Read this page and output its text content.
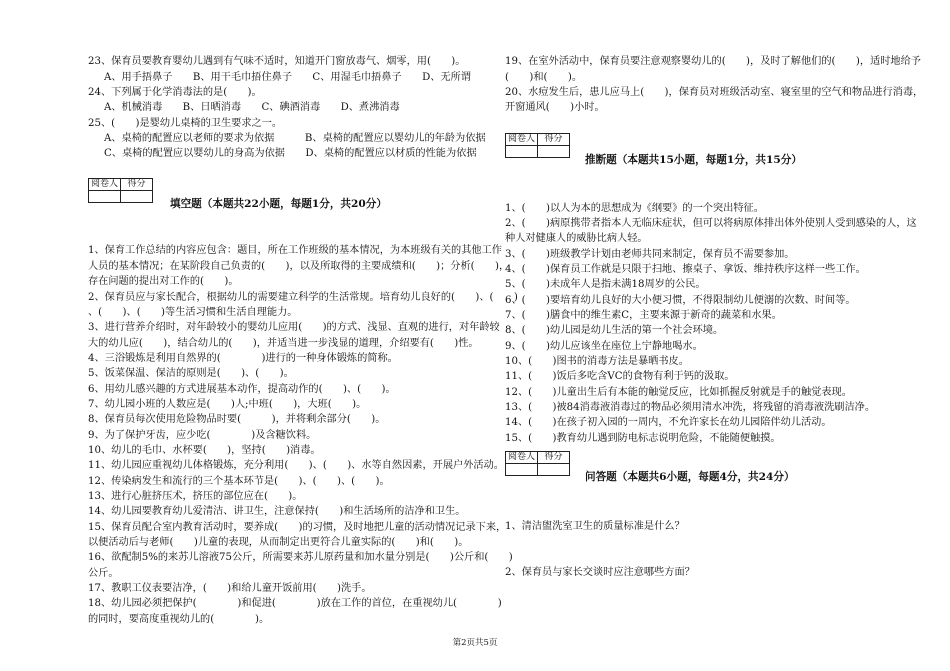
23、保育员要教育婴幼儿遇到有气味不适时，知道开门窗放毒气、烟零，用(　　)。
A、用手捂鼻子　　B、用干毛巾捂住鼻子　　C、用湿毛巾捂鼻子　　D、无所谓
24、下列属于化学消毒法的是(　　)。
A、机械消毒　　B、日晒消毒　　C、碘酒消毒　　D、煮沸消毒
25、(　　)是婴幼儿桌椅的卫生要求之一。
A、桌椅的配置应以老师的要求为依据　　　B、桌椅的配置应以婴幼儿的年龄为依据
C、桌椅的配置应以婴幼儿的身高为依据　　D、桌椅的配置应以材质的性能为依据
阅卷人	得分

填空题（本题共22小题，每题1分，共20分）
1、保育工作总结的内容应包含：题目，所在工作班级的基本情况，为本班级有关的其他工作
人员的基本情况；在某阶段自己负责的(　　)，以及所取得的主要成绩和(　　)；分析(　　)，
存在问题的提出对工作的(　　)。
2、保育员应与家长配合，根据幼儿的需要建立科学的生活常规。培育幼儿良好的(　　)、(　　)
、(　　)、(　　)等生活习惯和生活自理能力。
3、进行营养介绍时，对年龄较小的婴幼儿应用(　　)的方式、浅显、直观的进行，对年龄较
大的幼儿应(　　)，结合幼儿的(　　)，并适当进一步浅显的道理，介绍要有(　　)性。
4、三浴锻炼是利用自然界的(　　　　)进行的一种身体锻炼的简称。
5、饭菜保温、保洁的原则是(　　)、(　　)。
6、用幼儿感兴趣的方式进展基本动作，提高动作的(　　)、(　　)。
7、幼儿园小班的人数应是(　　)人;中班(　　)，大班(　　)。
8、保育员每次使用危险物品时要(　　　)，并将剩余部分(　　)。
9、为了保护牙齿，应少吃(　　　　)及含糖饮料。
10、幼儿的毛巾、水杯要(　　)，坚持(　　)消毒。
11、幼儿园应重视幼儿体格锻炼，充分利用(　　)、(　　)、水等自然因素，开展户外活动。
12、传染病发生和流行的三个基本环节是(　　)、(　　)、(　　)。
13、进行心脏挤压术，挤压的部位应在(　　)。
14、幼儿园要教育幼儿爱清洁、讲卫生，注意保持(　　)和生活场所的洁净和卫生。
15、保育员配合室内教育活动时，要养成(　　)的习惯，及时地把儿童的活动情况记录下来，
以便活动后与老师(　　)儿童的表现，从而制定出更符合儿童实际的(　　)和(　　)。
16、欲配制5%的来苏儿溶液75公斤，所需要来苏儿原药量和加水量分别是(　　)公斤和(　　)
公斤。
17、教职工仪表要洁净，(　　)和给儿童开饭前用(　　)洗手。
18、幼儿园必须把保护(　　　　)和促进(　　　　)放在工作的首位，在重视幼儿(　　　　)
的同时，要高度重视幼儿的(　　　　)。
19、在室外活动中，保育员要注意观察婴幼儿的(　　)，及时了解他们的(　　)，适时地给予
(　　)和(　　)。
20、水痘发生后，患儿应马上(　　)，保育员对班级活动室、寝室里的空气和物品进行消毒，
开窗通风(　　)小时。
阅卷人	得分

推断题（本题共15小题，每题1分，共15分）
1、(　　)以人为本的思想成为《纲要》的一个突出特征。
2、(　　)病原携带者指本人无临床症状，但可以将病原体排出体外使别人受到感染的人，这
种人对健康人的威胁比病人轻。
3、(　　)班级教学计划由老师共同来制定，保育员不需要参加。
4、(　　)保育员工作就是只限于扫地、擦桌子、拿饭、维持秩序这样一些工作。
5、(　　)未成年人是指未满18周岁的公民。
6、(　　)要培育幼儿良好的大小便习惯，不得限制幼儿便溺的次数、时间等。
7、(　　)膳食中的维生素C，主要来源于新奇的蔬菜和水果。
8、(　　)幼儿园是幼儿生活的第一个社会环境。
9、(　　)幼儿应该坐在座位上宁静地喝水。
10、(　　)图书的消毒方法是暴晒书皮。
11、(　　)饭后多吃含VC的食物有利于钙的汲取。
12、(　　)儿童出生后有本能的触觉反应，比如抓握反射就是手的触觉表现。
13、(　　)被84消毒液消毒过的物品必须用清水冲洗，将残留的消毒液洗刷洁净。
14、(　　)在孩子初入园的一周内，不允许家长在幼儿园陪伴幼儿活动。
15、(　　)教育幼儿遇到防电标志说明危险，不能随便触摸。
阅卷人	得分

问答题（本题共6小题，每题4分，共24分）
1、清洁盥洗室卫生的质量标准是什么？
2、保育员与家长交谈时应注意哪些方面？
第2页共5页
